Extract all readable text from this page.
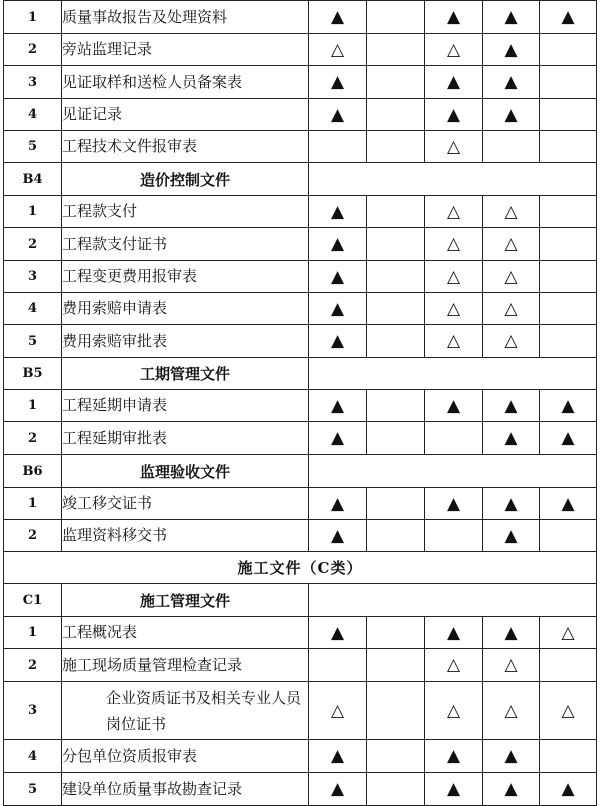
1	质量事故报告及处理资料	▲		▲	▲	▲
2	旁站监理记录	△		△	▲	
3	见证取样和送检人员备案表	▲		▲	▲	
4	见证记录	▲		▲	▲	
5	工程技术文件报审表			△		
B4	造价控制文件					
1	工程款支付	▲		△	△	
2	工程款支付证书	▲		△	△	
3	工程变更费用报审表	▲		△	△	
4	费用索赔申请表	▲		△	△	
5	费用索赔审批表	▲		△	△	
B5	工期管理文件					
1	工程延期申请表	▲		▲	▲	▲
2	工程延期审批表	▲			▲	▲
B6	监理验收文件					
1	竣工移交证书	▲		▲	▲	▲
2	监理资料移交书	▲			▲	
施工文件（C类）						
C1	施工管理文件					
1	工程概况表	▲		▲	▲	△
2	施工现场质量管理检查记录			△	△	
3	企业资质证书及相关专业人员岗位证书	△		△	△	△
4	分包单位资质报审表	▲		▲	▲	
5	建设单位质量事故勘查记录	▲		▲	▲	▲
